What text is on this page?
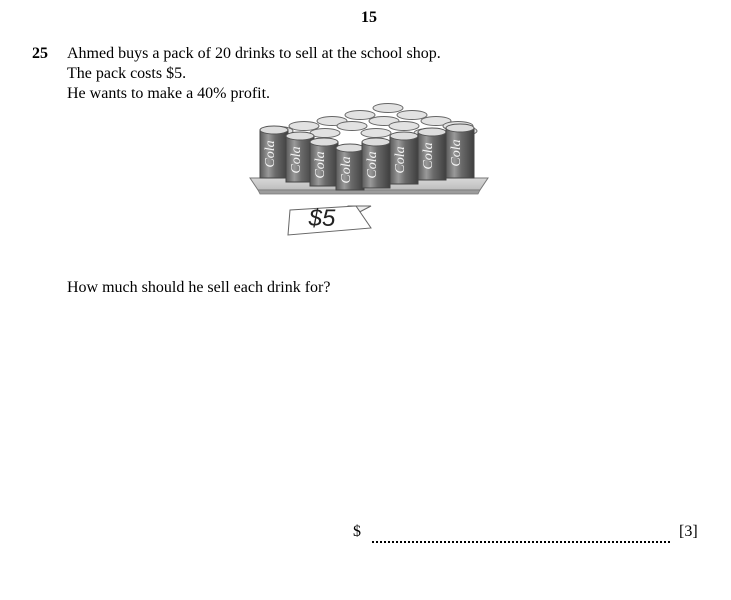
15
25 Ahmed buys a pack of 20 drinks to sell at the school shop.
The pack costs $5.
He wants to make a 40% profit.
Cola Cola Cola Cola Cola Cola Cola Cola
$5
How much should he sell each drink for?
$	[3]
